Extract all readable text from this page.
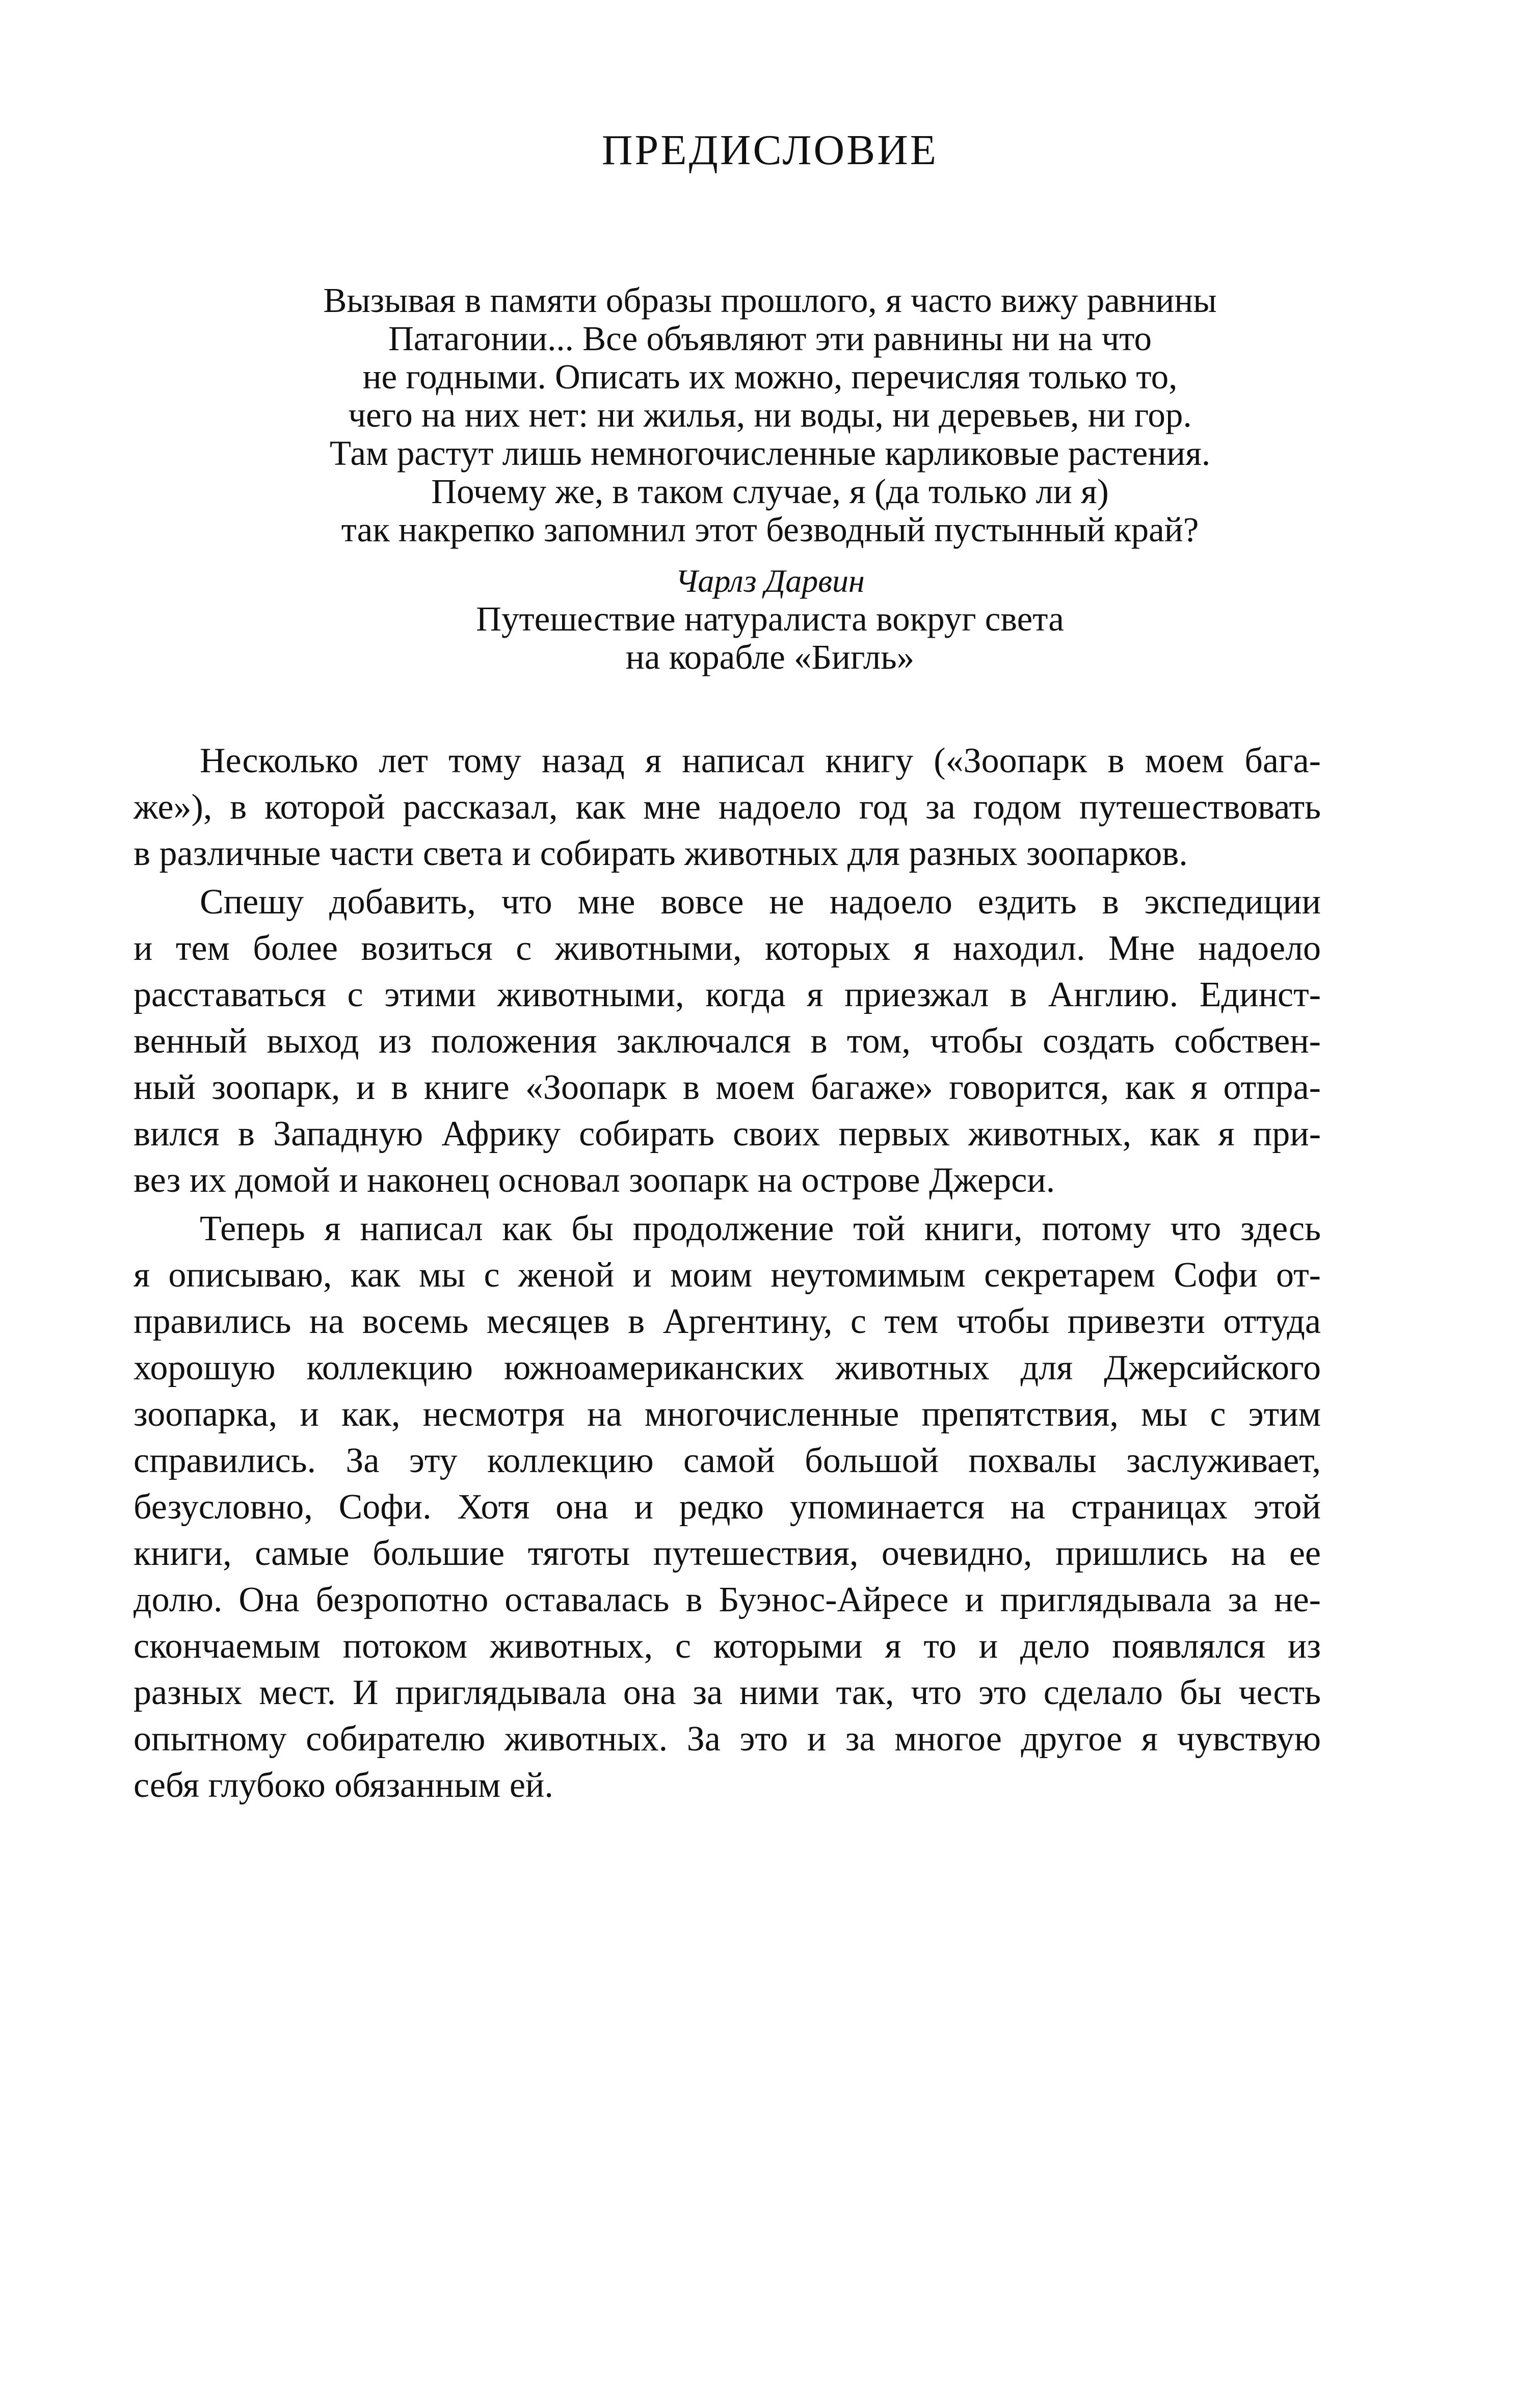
ПРЕДИСЛОВИЕ
Вызывая в памяти образы прошлого, я часто вижу равнины
Патагонии... Все объявляют эти равнины ни на что
не годными. Описать их можно, перечисляя только то,
чего на них нет: ни жилья, ни воды, ни деревьев, ни гор.
Там растут лишь немногочисленные карликовые растения.
Почему же, в таком случае, я (да только ли я)
так накрепко запомнил этот безводный пустынный край?
Чарлз Дарвин
Путешествие натуралиста вокруг света
на корабле «Бигль»
Несколько лет тому назад я написал книгу («Зоопарк в моем бага-
же»), в которой рассказал, как мне надоело год за годом путешествовать
в различные части света и собирать животных для разных зоопарков.
Спешу добавить, что мне вовсе не надоело ездить в экспедиции
и тем более возиться с животными, которых я находил. Мне надоело
расставаться с этими животными, когда я приезжал в Англию. Единст-
венный выход из положения заключался в том, чтобы создать собствен-
ный зоопарк, и в книге «Зоопарк в моем багаже» говорится, как я отпра-
вился в Западную Африку собирать своих первых животных, как я при-
вез их домой и наконец основал зоопарк на острове Джерси.
Теперь я написал как бы продолжение той книги, потому что здесь
я описываю, как мы с женой и моим неутомимым секретарем Софи от-
правились на восемь месяцев в Аргентину, с тем чтобы привезти оттуда
хорошую коллекцию южноамериканских животных для Джерсийского
зоопарка, и как, несмотря на многочисленные препятствия, мы с этим
справились. За эту коллекцию самой большой похвалы заслуживает,
безусловно, Софи. Хотя она и редко упоминается на страницах этой
книги, самые большие тяготы путешествия, очевидно, пришлись на ее
долю. Она безропотно оставалась в Буэнос-Айресе и приглядывала за не-
скончаемым потоком животных, с которыми я то и дело появлялся из
разных мест. И приглядывала она за ними так, что это сделало бы честь
опытному собирателю животных. За это и за многое другое я чувствую
себя глубоко обязанным ей.
